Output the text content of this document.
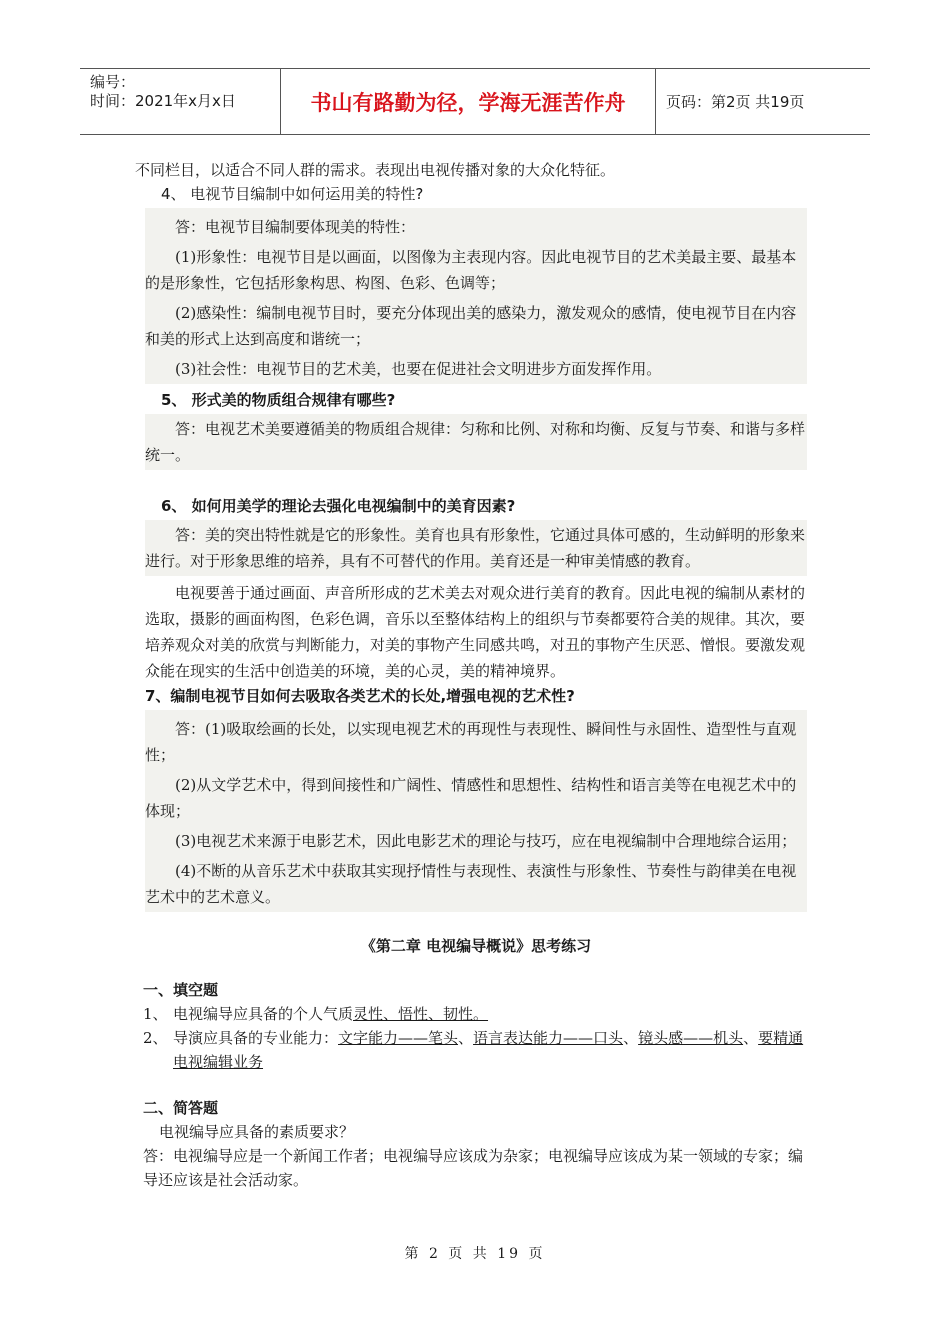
编号：
时间：2021年x月x日	书山有路勤为径，学海无涯苦作舟	页码：第2页 共19页

不同栏目，以适合不同人群的需求。表现出电视传播对象的大众化特征。

4、 电视节目编制中如何运用美的特性?

答：电视节目编制要体现美的特性：

(1)形象性：电视节目是以画面，以图像为主表现内容。因此电视节目的艺术美最主要、最基本的是形象性，它包括形象构思、构图、色彩、色调等；

(2)感染性：编制电视节目时，要充分体现出美的感染力，激发观众的感情，使电视节目在内容和美的形式上达到高度和谐统一；

(3)社会性：电视节目的艺术美，也要在促进社会文明进步方面发挥作用。

5、 形式美的物质组合规律有哪些?

答：电视艺术美要遵循美的物质组合规律：匀称和比例、对称和均衡、反复与节奏、和谐与多样统一。

6、 如何用美学的理论去强化电视编制中的美育因素?

答：美的突出特性就是它的形象性。美育也具有形象性，它通过具体可感的，生动鲜明的形象来进行。对于形象思维的培养，具有不可替代的作用。美育还是一种审美情感的教育。

电视要善于通过画面、声音所形成的艺术美去对观众进行美育的教育。因此电视的编制从素材的选取，摄影的画面构图，色彩色调，音乐以至整体结构上的组织与节奏都要符合美的规律。其次，要培养观众对美的欣赏与判断能力，对美的事物产生同感共鸣，对丑的事物产生厌恶、憎恨。要激发观众能在现实的生活中创造美的环境，美的心灵，美的精神境界。

7、编制电视节目如何去吸取各类艺术的长处,增强电视的艺术性?

答：(1)吸取绘画的长处，以实现电视艺术的再现性与表现性、瞬间性与永固性、造型性与直观性；

(2)从文学艺术中，得到间接性和广阔性、情感性和思想性、结构性和语言美等在电视艺术中的体现；

(3)电视艺术来源于电影艺术，因此电影艺术的理论与技巧，应在电视编制中合理地综合运用；

(4)不断的从音乐艺术中获取其实现抒情性与表现性、表演性与形象性、节奏性与韵律美在电视艺术中的艺术意义。

《第二章 电视编导概说》思考练习

一、填空题

1、 电视编导应具备的个人气质灵性、悟性、韧性。

2、 导演应具备的专业能力：文字能力——笔头、语言表达能力——口头、镜头感——机头、要精通电视编辑业务

二、简答题

电视编导应具备的素质要求？

答：电视编导应是一个新闻工作者；电视编导应该成为杂家；电视编导应该成为某一领域的专家；编导还应该是社会活动家。

第 2 页 共 19 页
